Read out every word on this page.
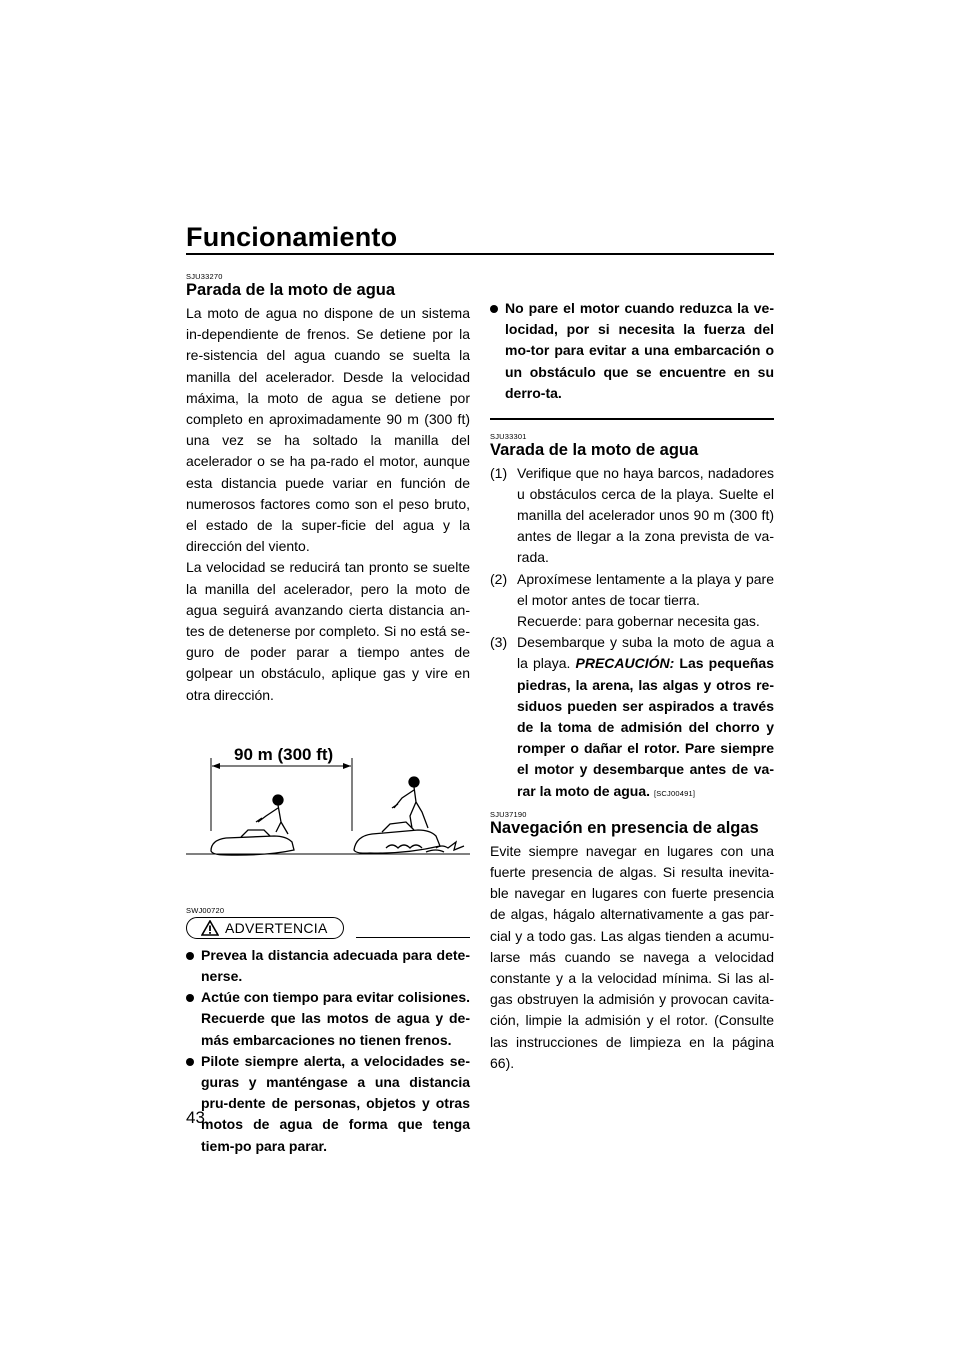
Funcionamiento
SJU33270
Parada de la moto de agua

La moto de agua no dispone de un sistema in-dependiente de frenos. Se detiene por la re-sistencia del agua cuando se suelta la manilla del acelerador. Desde la velocidad máxima, la moto de agua se detiene por completo en aproximadamente 90 m (300 ft) una vez se ha soltado la manilla del acelerador o se ha pa-rado el motor, aunque esta distancia puede variar en función de numerosos factores como son el peso bruto, el estado de la super-ficie del agua y la dirección del viento.

La velocidad se reducirá tan pronto se suelte la manilla del acelerador, pero la moto de agua seguirá avanzando cierta distancia an-tes de detenerse por completo. Si no está se-guro de poder parar a tiempo antes de golpear un obstáculo, aplique gas y vire en otra dirección.

90 m (300 ft)
SWJ00720
ADVERTENCIA
Prevea la distancia adecuada para dete-nerse.
Actúe con tiempo para evitar colisiones. Recuerde que las motos de agua y de-más embarcaciones no tienen frenos.
Pilote siempre alerta, a velocidades se-guras y manténgase a una distancia pru-dente de personas, objetos y otras motos de agua de forma que tenga tiem-po para parar.
No pare el motor cuando reduzca la ve-locidad, por si necesita la fuerza del mo-tor para evitar a una embarcación o un obstáculo que se encuentre en su derro-ta.
SJU33301
Varada de la moto de agua
(1) Verifique que no haya barcos, nadadores u obstáculos cerca de la playa. Suelte el manilla del acelerador unos 90 m (300 ft) antes de llegar a la zona prevista de va-rada.
(2) Aproxímese lentamente a la playa y pare el motor antes de tocar tierra.
Recuerde: para gobernar necesita gas.
(3) Desembarque y suba la moto de agua a la playa. PRECAUCIÓN: Las pequeñas piedras, la arena, las algas y otros re-siduos pueden ser aspirados a través de la toma de admisión del chorro y romper o dañar el rotor. Pare siempre el motor y desembarque antes de va-rar la moto de agua. [SCJ00491]
SJU37190
Navegación en presencia de algas

Evite siempre navegar en lugares con una fuerte presencia de algas. Si resulta inevita-ble navegar en lugares con fuerte presencia de algas, hágalo alternativamente a gas par-cial y a todo gas. Las algas tienden a acumu-larse más cuando se navega a velocidad constante y a la velocidad mínima. Si las al-gas obstruyen la admisión y provocan cavita-ción, limpie la admisión y el rotor. (Consulte las instrucciones de limpieza en la página 66).

43
